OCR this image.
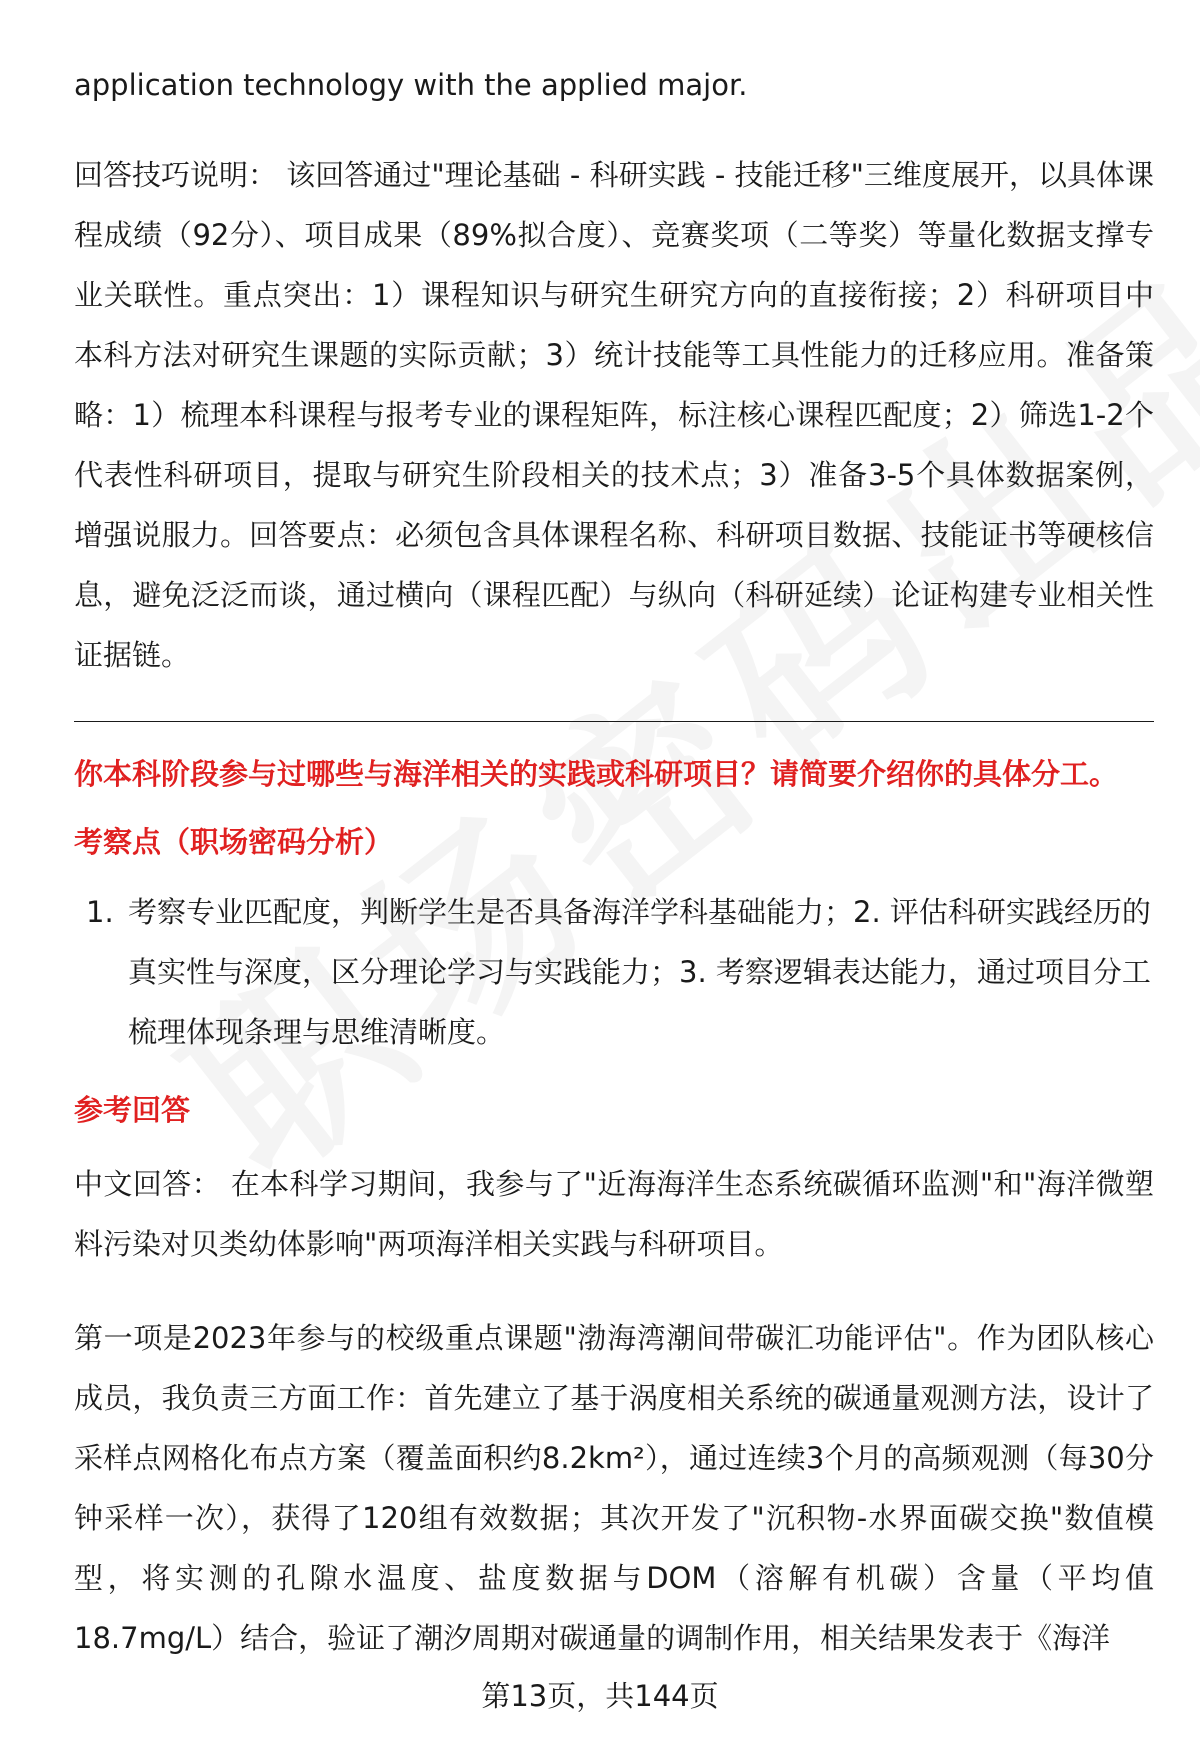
application technology with the applied major.

回答技巧说明： 该回答通过"理论基础 - 科研实践 - 技能迁移"三维度展开，以具体课程成绩（92分）、项目成果（89%拟合度）、竞赛奖项（二等奖）等量化数据支撑专业关联性。重点突出：1）课程知识与研究生研究方向的直接衔接；2）科研项目中本科方法对研究生课题的实际贡献；3）统计技能等工具性能力的迁移应用。准备策略：1）梳理本科课程与报考专业的课程矩阵，标注核心课程匹配度；2）筛选1-2个代表性科研项目，提取与研究生阶段相关的技术点；3）准备3-5个具体数据案例，增强说服力。回答要点：必须包含具体课程名称、科研项目数据、技能证书等硬核信息，避免泛泛而谈，通过横向（课程匹配）与纵向（科研延续）论证构建专业相关性证据链。

你本科阶段参与过哪些与海洋相关的实践或科研项目？请简要介绍你的具体分工。

考察点（职场密码分析）

1. 考察专业匹配度，判断学生是否具备海洋学科基础能力；2. 评估科研实践经历的真实性与深度，区分理论学习与实践能力；3. 考察逻辑表达能力，通过项目分工梳理体现条理与思维清晰度。

参考回答

中文回答： 在本科学习期间，我参与了"近海海洋生态系统碳循环监测"和"海洋微塑料污染对贝类幼体影响"两项海洋相关实践与科研项目。

第一项是2023年参与的校级重点课题"渤海湾潮间带碳汇功能评估"。作为团队核心成员，我负责三方面工作：首先建立了基于涡度相关系统的碳通量观测方法，设计了采样点网格化布点方案（覆盖面积约8.2km²），通过连续3个月的高频观测（每30分钟采样一次），获得了120组有效数据；其次开发了"沉积物-水界面碳交换"数值模型，将实测的孔隙水温度、盐度数据与DOM（溶解有机碳）含量（平均值18.7mg/L）结合，验证了潮汐周期对碳通量的调制作用，相关结果发表于《海洋

第13页，共144页
